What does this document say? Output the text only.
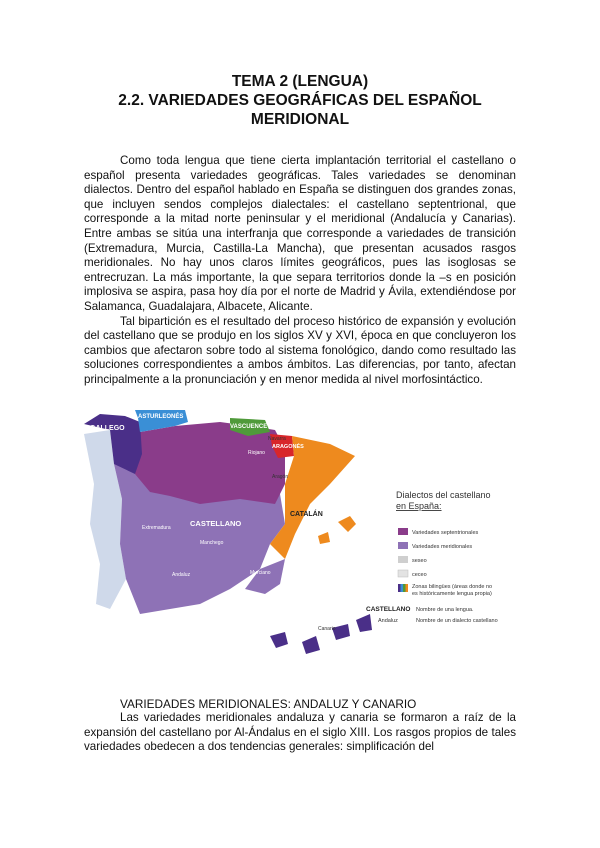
TEMA 2 (LENGUA)
2.2. VARIEDADES GEOGRÁFICAS DEL ESPAÑOL
MERIDIONAL

Como toda lengua que tiene cierta implantación territorial el castellano o español presenta variedades geográficas. Tales variedades se denominan dialectos. Dentro del español hablado en España se distinguen dos grandes zonas, que incluyen sendos complejos dialectales: el castellano septentrional, que corresponde a la mitad norte peninsular y el meridional (Andalucía y Canarias). Entre ambas se sitúa una interfranja que corresponde a variedades de transición (Extremadura, Murcia, Castilla-La Mancha), que presentan acusados rasgos meridionales. No hay unos claros límites geográficos, pues las isoglosas se entrecruzan. La más importante, la que separa territorios donde la –s en posición implosiva se aspira, pasa hoy día por el norte de Madrid y Ávila, extendiéndose por Salamanca, Guadalajara, Albacete, Alicante.

Tal bipartición es el resultado del proceso histórico de expansión y evolución del castellano que se produjo en los siglos XV y XVI, época en que concluyeron los cambios que afectaron sobre todo al sistema fonológico, dando como resultado las soluciones correspondientes a ambos ámbitos. Las diferencias, por tanto, afectan principalmente a la pronunciación y en menor medida al nivel morfosintáctico.

GALLEGO
ASTURLEONÉS
VASCUENCE
ARAGONÉS
CASTELLANO
CATALÁN
Navarra
Aragón
Extremadura
Manchego
Andaluz	Murciano
Riojano
Canario
Dialectos del castellano
en España:
Variedades septentrionales
Variedades meridionales
seseo
ceceo
Zonas bilingües (áreas donde no
es históricamente lengua propia)
CASTELLANO Nombre de una lengua.
Andaluz	Nombre de un dialecto castellano
VARIEDADES MERIDIONALES: ANDALUZ Y CANARIO

Las variedades meridionales andaluza y canaria se formaron a raíz de la expansión del castellano por Al-Ándalus en el siglo XIII. Los rasgos propios de tales variedades obedecen a dos tendencias generales: simplificación del
